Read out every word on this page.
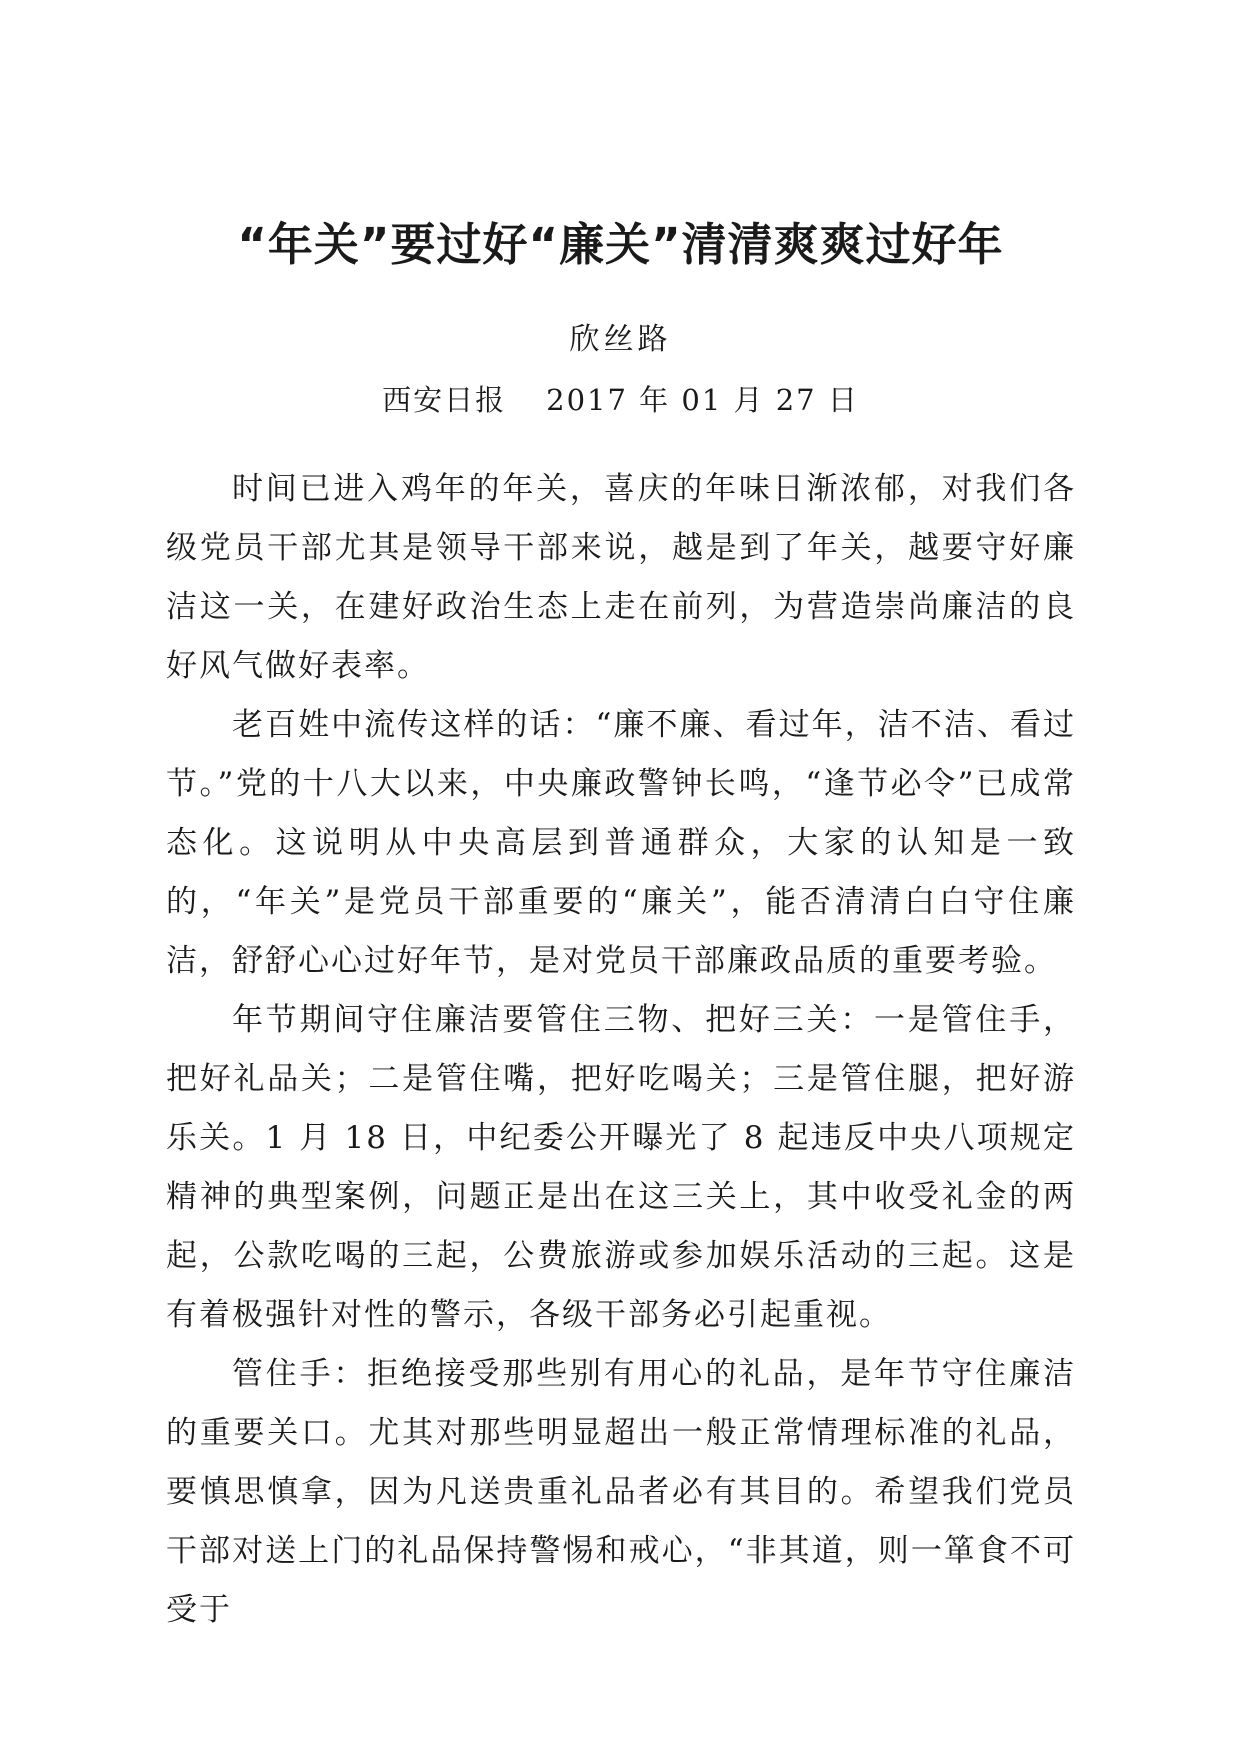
“年关”要过好“廉关”清清爽爽过好年
欣丝路
西安日报 2017 年 01 月 27 日

时间已进入鸡年的年关，喜庆的年味日渐浓郁，对我们各级党员干部尤其是领导干部来说，越是到了年关，越要守好廉洁这一关，在建好政治生态上走在前列，为营造崇尚廉洁的良好风气做好表率。

老百姓中流传这样的话：“廉不廉、看过年，洁不洁、看过节。”党的十八大以来，中央廉政警钟长鸣，“逢节必令”已成常态化。这说明从中央高层到普通群众，大家的认知是一致的，“年关”是党员干部重要的“廉关”，能否清清白白守住廉洁，舒舒心心过好年节，是对党员干部廉政品质的重要考验。

年节期间守住廉洁要管住三物、把好三关：一是管住手，把好礼品关；二是管住嘴，把好吃喝关；三是管住腿，把好游乐关。1 月 18 日，中纪委公开曝光了 8 起违反中央八项规定精神的典型案例，问题正是出在这三关上，其中收受礼金的两起，公款吃喝的三起，公费旅游或参加娱乐活动的三起。这是有着极强针对性的警示，各级干部务必引起重视。

管住手：拒绝接受那些别有用心的礼品，是年节守住廉洁的重要关口。尤其对那些明显超出一般正常情理标准的礼品，要慎思慎拿，因为凡送贵重礼品者必有其目的。希望我们党员干部对送上门的礼品保持警惕和戒心，“非其道，则一箪食不可受于
